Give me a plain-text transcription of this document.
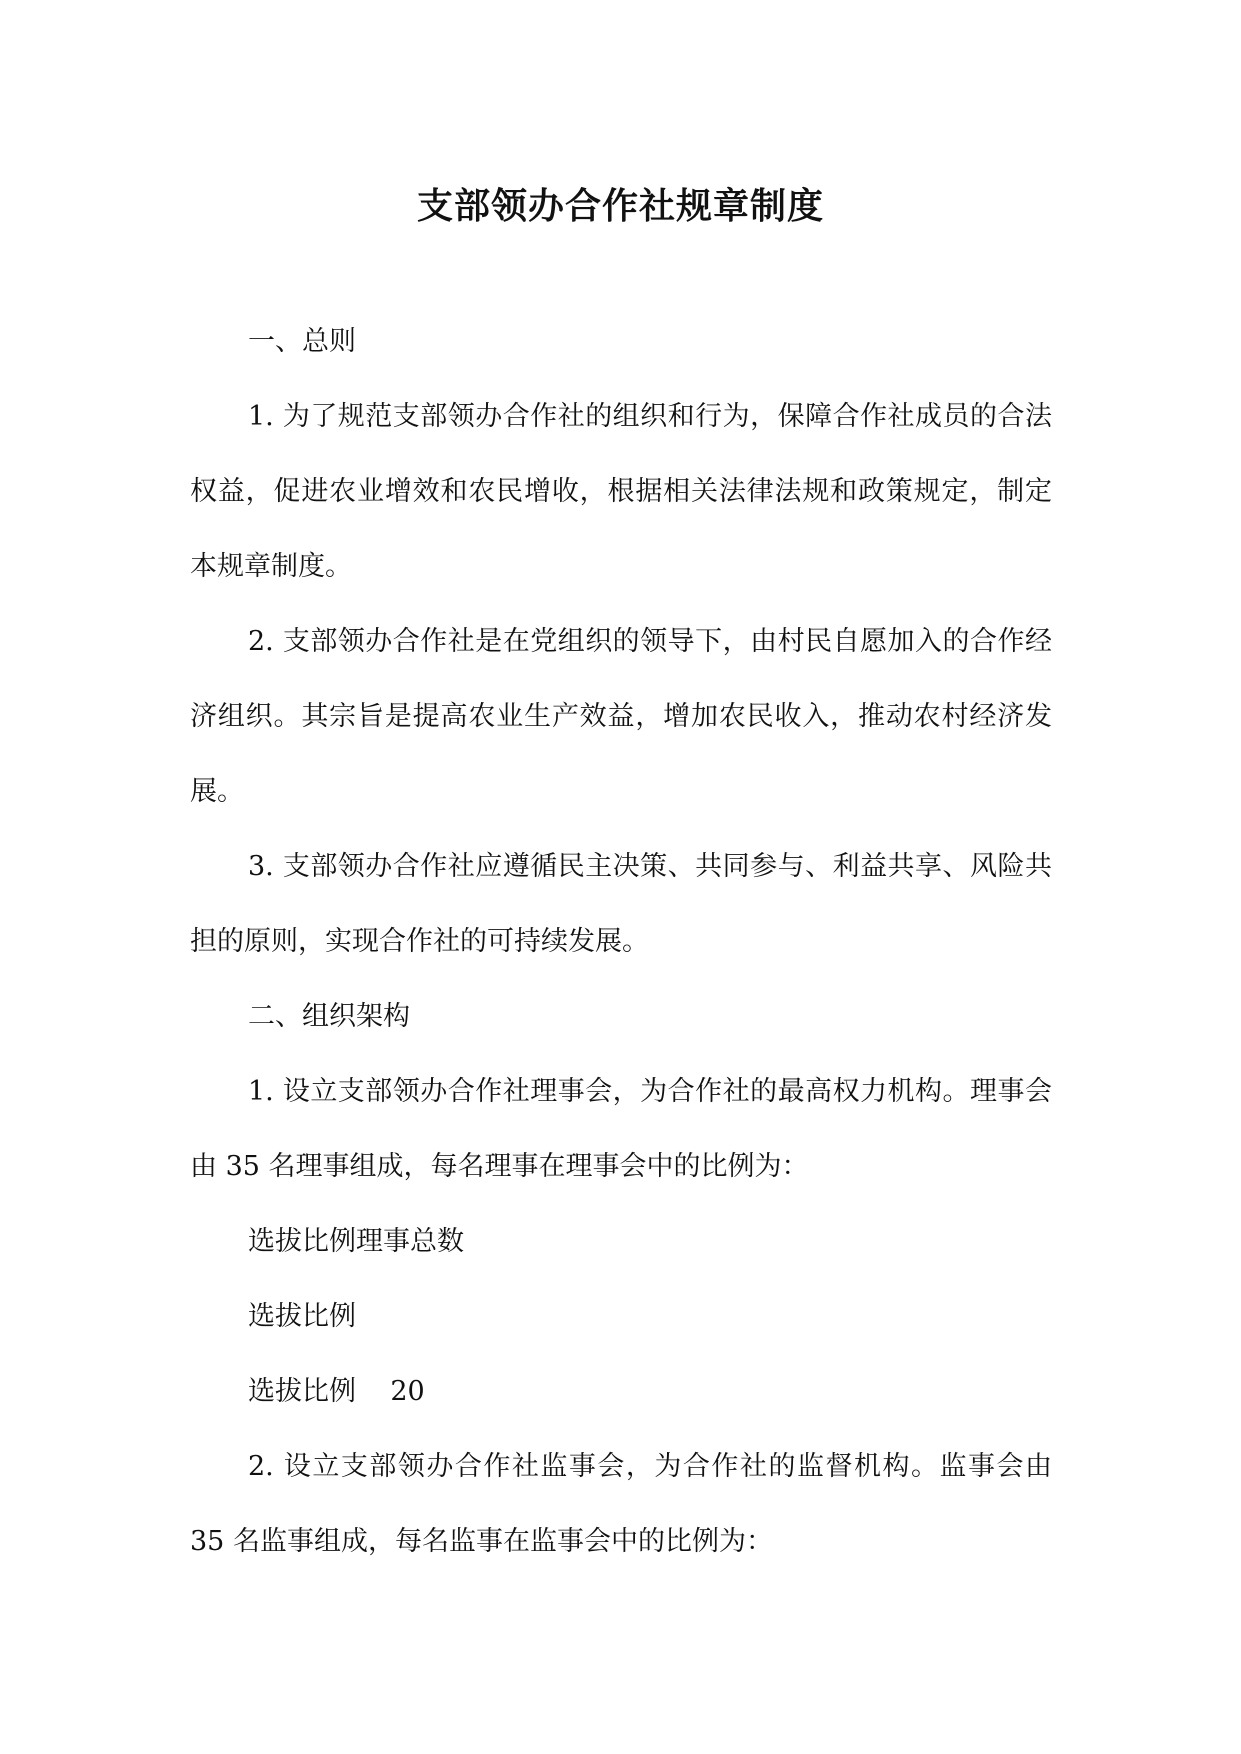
支部领办合作社规章制度

一、总则

1. 为了规范支部领办合作社的组织和行为，保障合作社成员的合法权益，促进农业增效和农民增收，根据相关法律法规和政策规定，制定本规章制度。

2. 支部领办合作社是在党组织的领导下，由村民自愿加入的合作经济组织。其宗旨是提高农业生产效益，增加农民收入，推动农村经济发展。

3. 支部领办合作社应遵循民主决策、共同参与、利益共享、风险共担的原则，实现合作社的可持续发展。

二、组织架构

1. 设立支部领办合作社理事会，为合作社的最高权力机构。理事会由 35 名理事组成，每名理事在理事会中的比例为：

选拔比例理事总数

选拔比例

选拔比例    20

2. 设立支部领办合作社监事会，为合作社的监督机构。监事会由 35 名监事组成，每名监事在监事会中的比例为：
